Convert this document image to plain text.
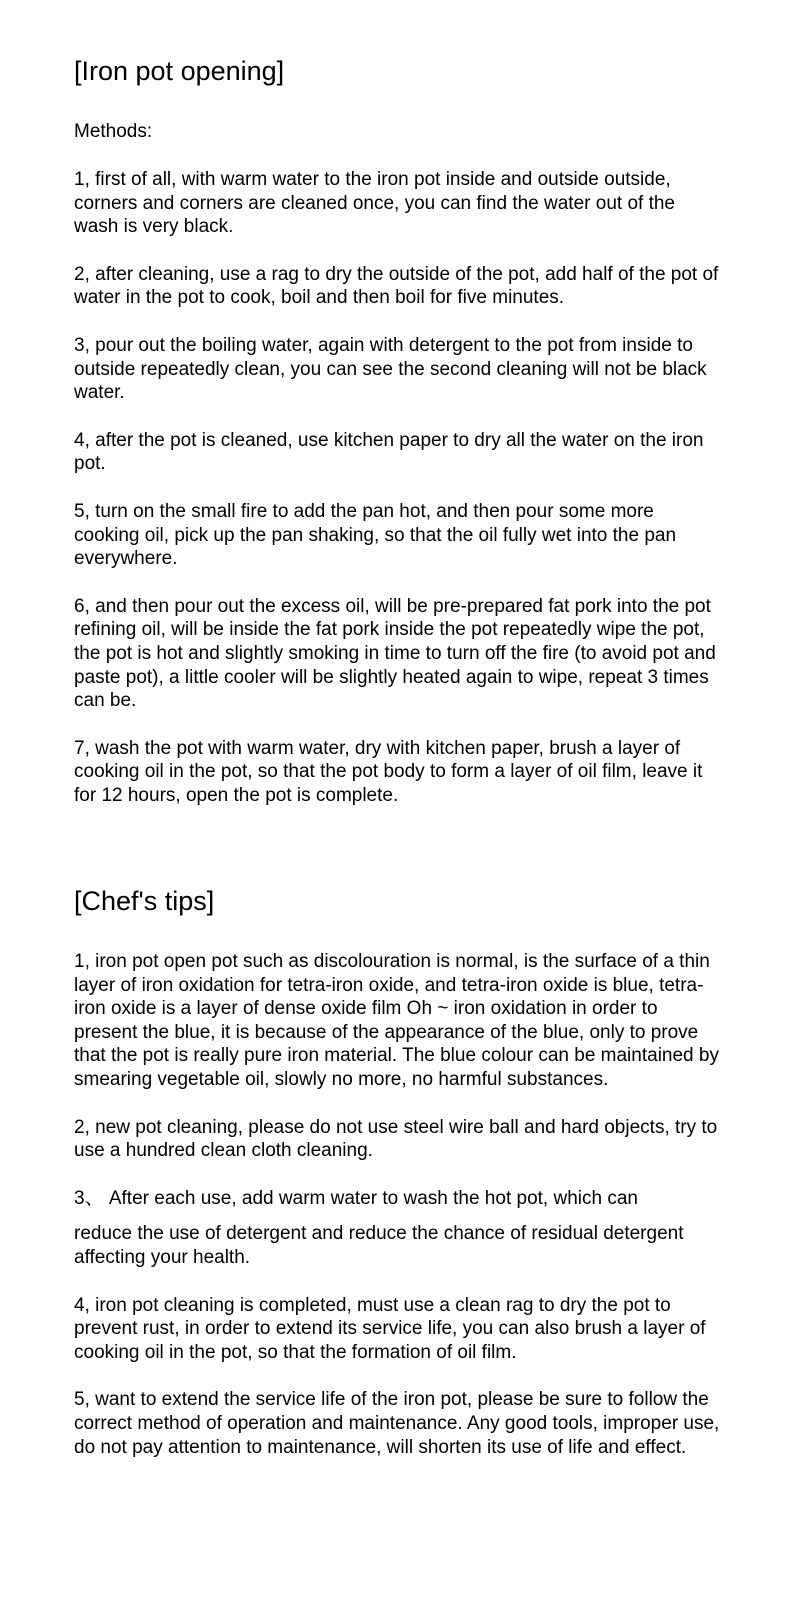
[Iron pot opening]

Methods:

1, first of all, with warm water to the iron pot inside and outside outside, corners and corners are cleaned once, you can find the water out of the wash is very black.

2, after cleaning, use a rag to dry the outside of the pot, add half of the pot of water in the pot to cook, boil and then boil for five minutes.

3, pour out the boiling water, again with detergent to the pot from inside to outside repeatedly clean, you can see the second cleaning will not be black water.

4, after the pot is cleaned, use kitchen paper to dry all the water on the iron pot.

5, turn on the small fire to add the pan hot, and then pour some more cooking oil, pick up the pan shaking, so that the oil fully wet into the pan everywhere.

6, and then pour out the excess oil, will be pre-prepared fat pork into the pot refining oil, will be inside the fat pork inside the pot repeatedly wipe the pot, the pot is hot and slightly smoking in time to turn off the fire (to avoid pot and paste pot), a little cooler will be slightly heated again to wipe, repeat 3 times can be.

7, wash the pot with warm water, dry with kitchen paper, brush a layer of cooking oil in the pot, so that the pot body to form a layer of oil film, leave it for 12 hours, open the pot is complete.

[Chef's tips]

1, iron pot open pot such as discolouration is normal, is the surface of a thin layer of iron oxidation for tetra-iron oxide, and tetra-iron oxide is blue, tetra-iron oxide is a layer of dense oxide film Oh ~ iron oxidation in order to present the blue, it is because of the appearance of the blue, only to prove that the pot is really pure iron material. The blue colour can be maintained by smearing vegetable oil, slowly no more, no harmful substances.

2, new pot cleaning, please do not use steel wire ball and hard objects, try to use a hundred clean cloth cleaning.

3、 After each use, add warm water to wash the hot pot, which can

reduce the use of detergent and reduce the chance of residual detergent affecting your health.

4, iron pot cleaning is completed, must use a clean rag to dry the pot to prevent rust, in order to extend its service life, you can also brush a layer of cooking oil in the pot, so that the formation of oil film.

5, want to extend the service life of the iron pot, please be sure to follow the correct method of operation and maintenance. Any good tools, improper use, do not pay attention to maintenance, will shorten its use of life and effect.
